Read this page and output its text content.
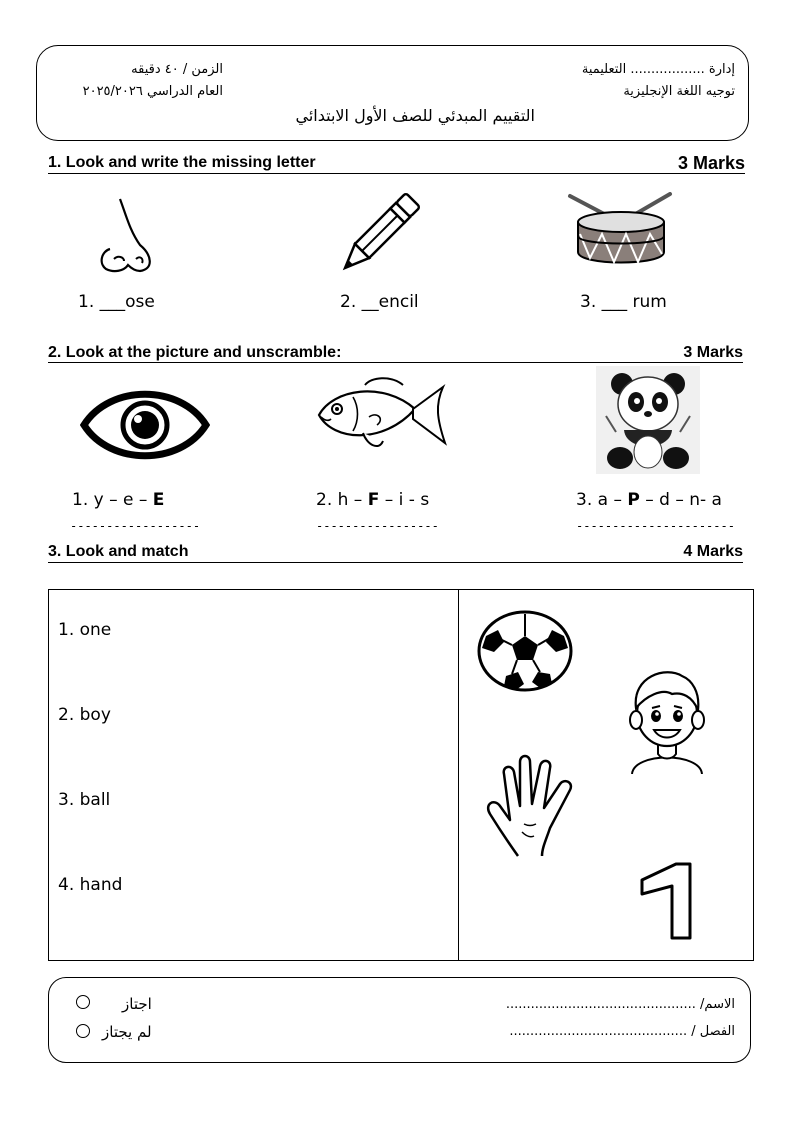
إدارة .................. التعليمية
توجيه اللغة الإنجليزية
الزمن / ٤٠ دقيقه
العام الدراسي ٢٠٢٥/٢٠٢٦
التقييم المبدئي للصف الأول الابتدائي
1. Look and write the missing letter	3 Marks
1. ___ose	2. __encil	3. ___ rum
2. Look at the picture and unscramble:	3 Marks
1. y – e – E	2. h – F – i - s	3. a – P – d – n- a
------------------	-----------------	----------------------
3. Look and match	4 Marks
1. one
2. boy
3. ball
4. hand
الاسم/ ..............................................
الفصل / ...........................................
اجتاز
لم يجتاز
